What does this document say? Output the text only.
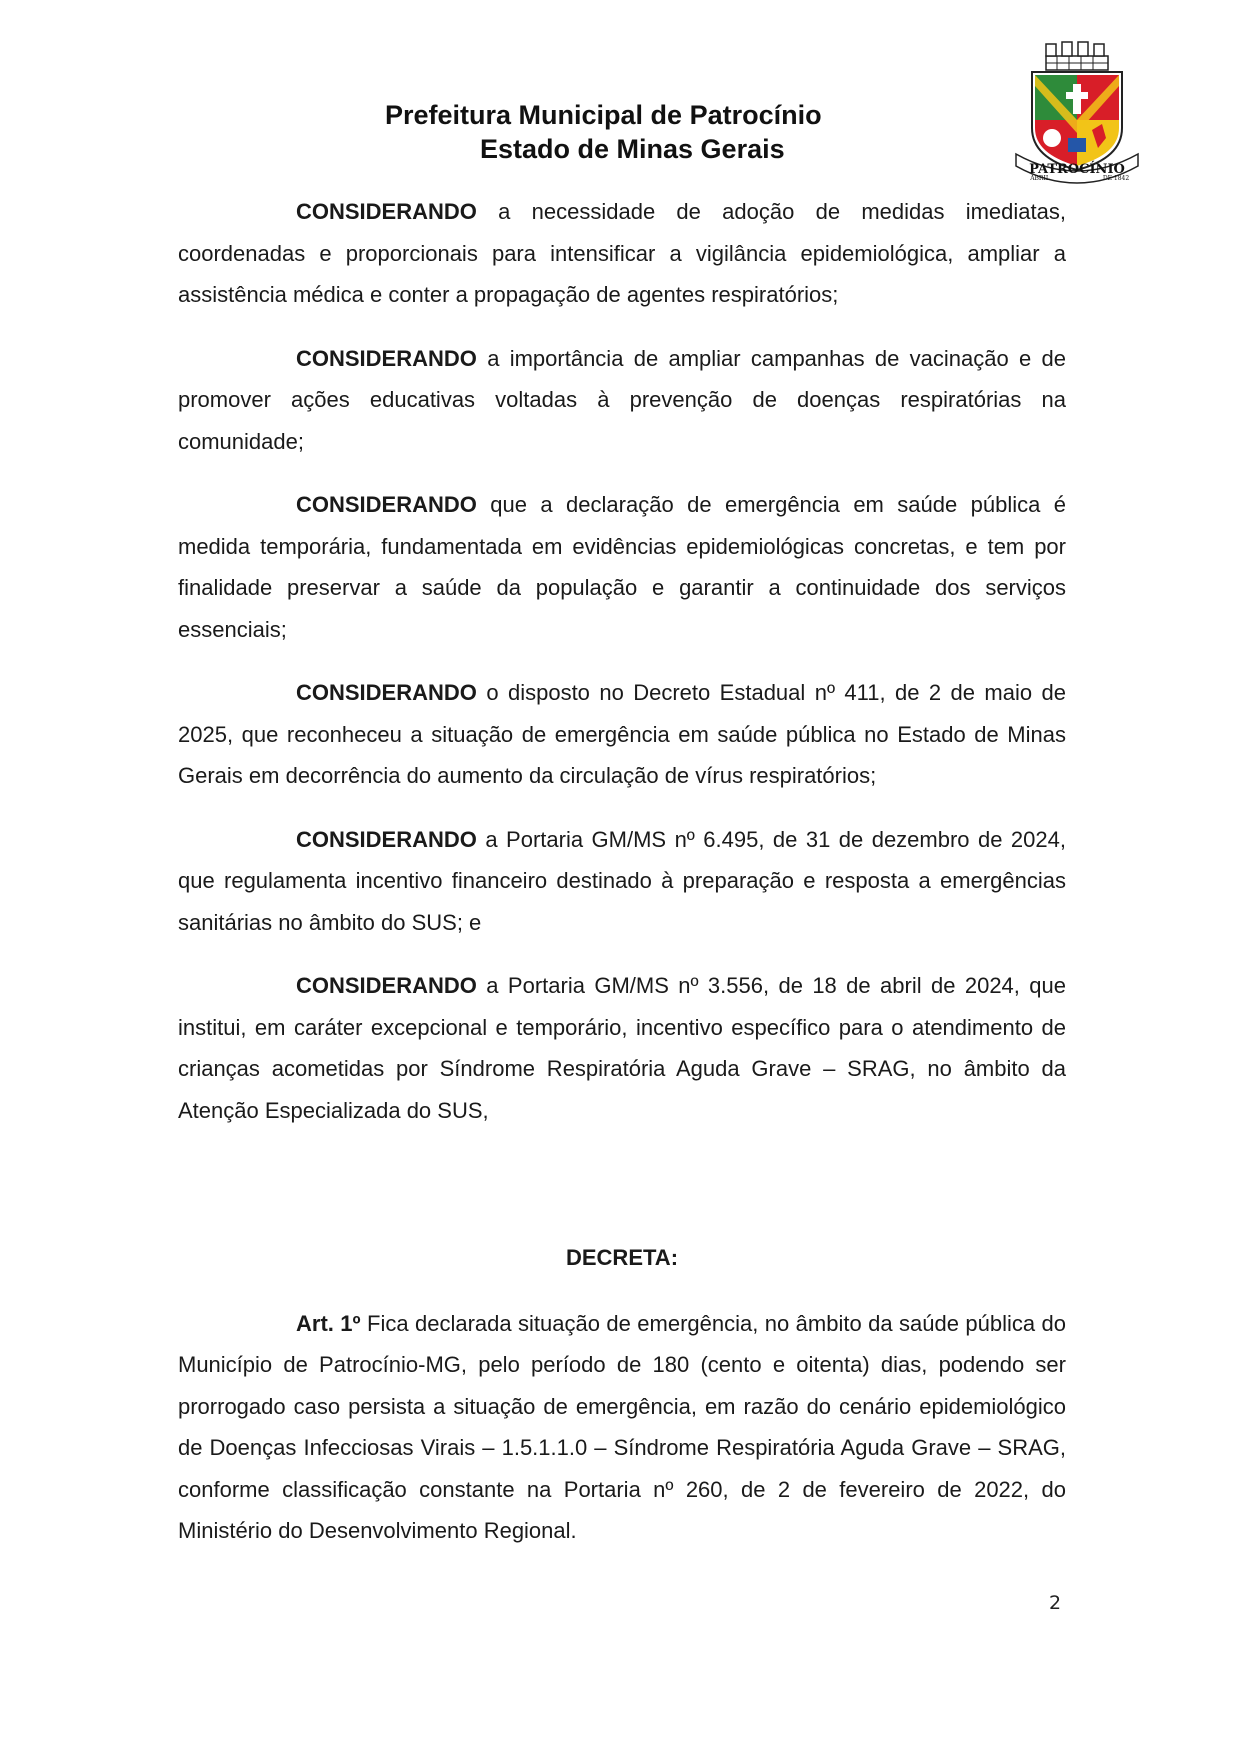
Prefeitura Municipal de Patrocínio
Estado de Minas Gerais
PATROCÍNIO
ABRIL	DE 1842

CONSIDERANDO a necessidade de adoção de medidas imediatas, coordenadas e proporcionais para intensificar a vigilância epidemiológica, ampliar a assistência médica e conter a propagação de agentes respiratórios;

CONSIDERANDO a importância de ampliar campanhas de vacinação e de promover ações educativas voltadas à prevenção de doenças respiratórias na comunidade;

CONSIDERANDO que a declaração de emergência em saúde pública é medida temporária, fundamentada em evidências epidemiológicas concretas, e tem por finalidade preservar a saúde da população e garantir a continuidade dos serviços essenciais;

CONSIDERANDO o disposto no Decreto Estadual nº 411, de 2 de maio de 2025, que reconheceu a situação de emergência em saúde pública no Estado de Minas Gerais em decorrência do aumento da circulação de vírus respiratórios;

CONSIDERANDO a Portaria GM/MS nº 6.495, de 31 de dezembro de 2024, que regulamenta incentivo financeiro destinado à preparação e resposta a emergências sanitárias no âmbito do SUS; e

CONSIDERANDO a Portaria GM/MS nº 3.556, de 18 de abril de 2024, que institui, em caráter excepcional e temporário, incentivo específico para o atendimento de crianças acometidas por Síndrome Respiratória Aguda Grave – SRAG, no âmbito da Atenção Especializada do SUS,

DECRETA:

Art. 1º Fica declarada situação de emergência, no âmbito da saúde pública do Município de Patrocínio-MG, pelo período de 180 (cento e oitenta) dias, podendo ser prorrogado caso persista a situação de emergência, em razão do cenário epidemiológico de Doenças Infecciosas Virais – 1.5.1.1.0 – Síndrome Respiratória Aguda Grave – SRAG, conforme classificação constante na Portaria nº 260, de 2 de fevereiro de 2022, do Ministério do Desenvolvimento Regional.

2
